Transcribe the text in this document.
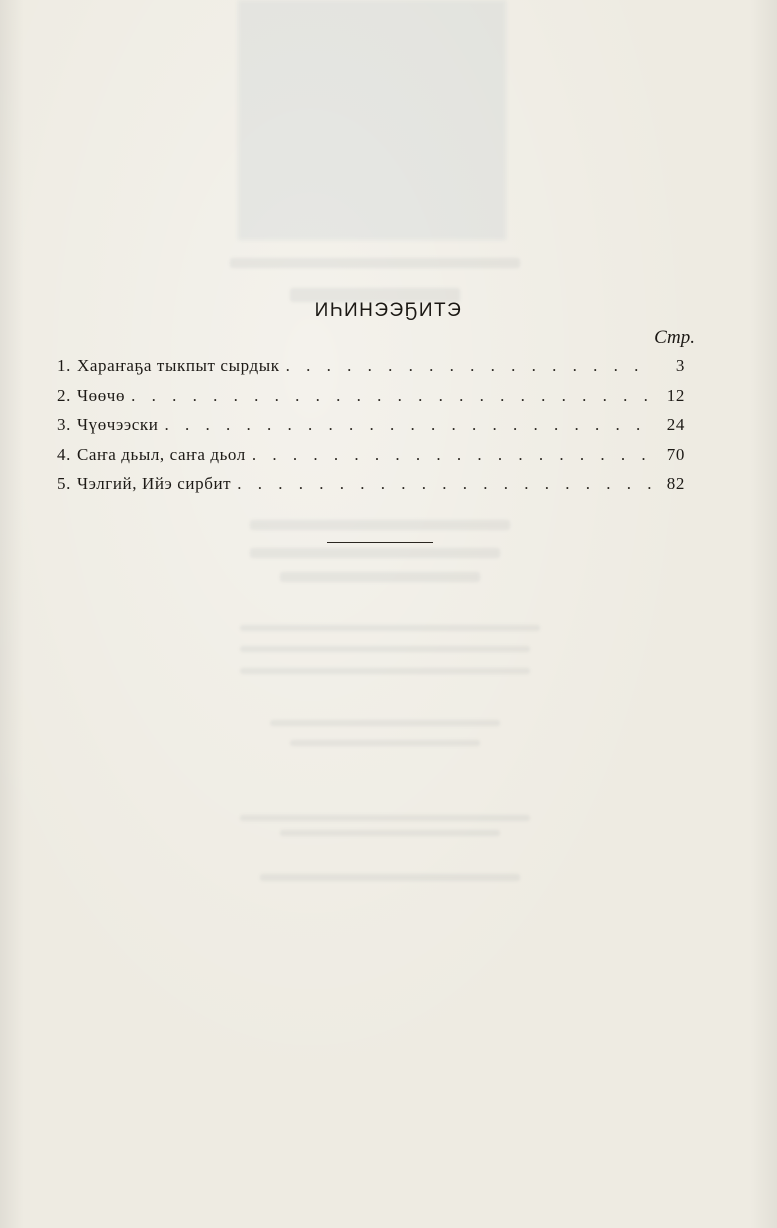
ИҺИНЭЭҔИТЭ
Стр.
1. Харaҥaҕa тыкпыт сырдык . . .	3
2. Чөөчө . . .	12
3. Чүөчээски . . .	24
4. Саҥа дьыл, саҥа дьол . . .	70
5. Чэлгий, Ийэ сирбит . . .	82
